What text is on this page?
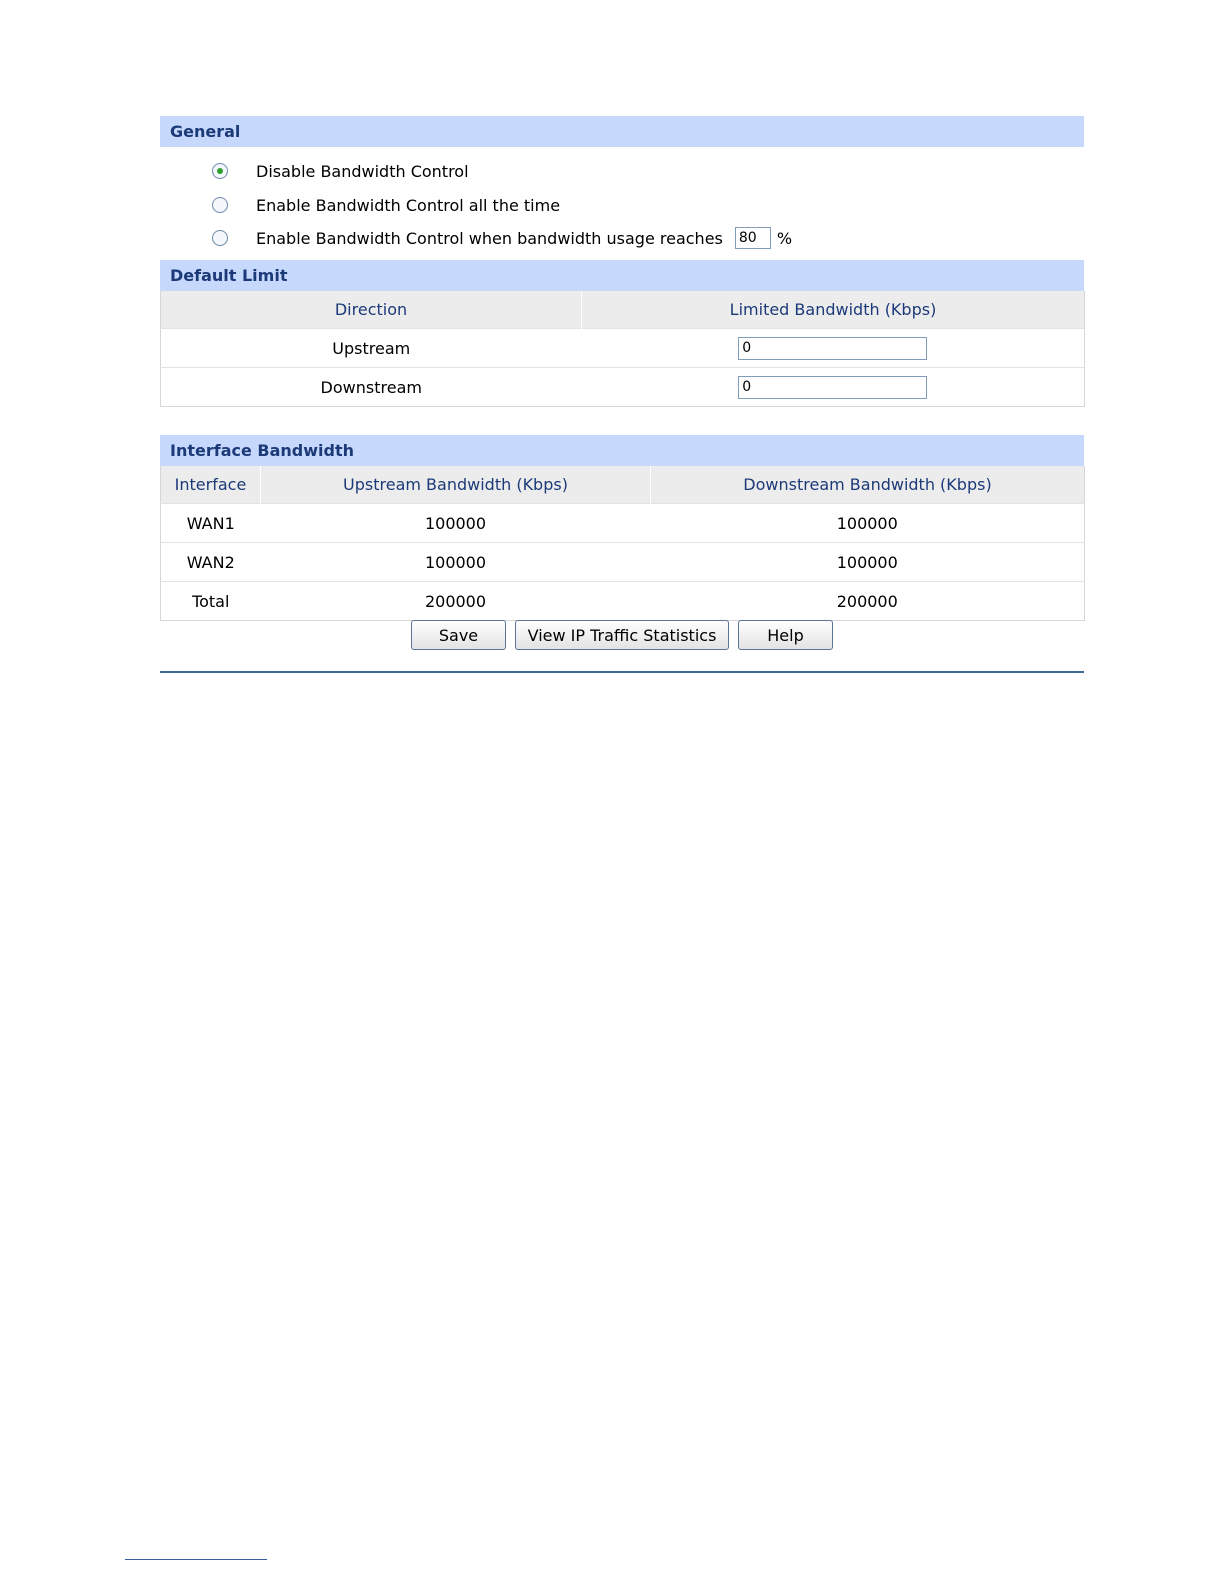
General
Disable Bandwidth Control
Enable Bandwidth Control all the time
Enable Bandwidth Control when bandwidth usage reaches
80	%
Default Limit
Direction	Limited Bandwidth (Kbps)
Upstream	0
Downstream	0
Interface Bandwidth
Interface	Upstream Bandwidth (Kbps)	Downstream Bandwidth (Kbps)
WAN1	100000	100000
WAN2	100000	100000
Total	200000	200000
Save	View IP Traffic Statistics	Help
